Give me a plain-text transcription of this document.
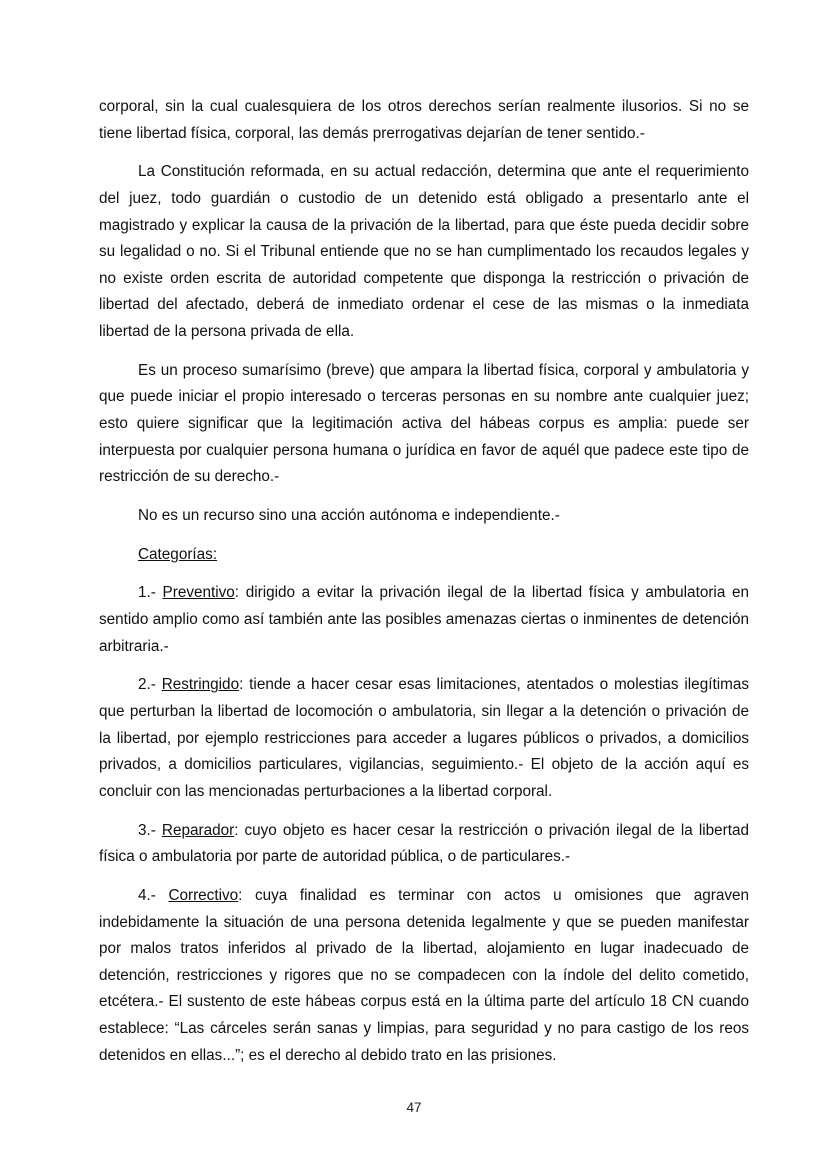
corporal, sin la cual cualesquiera de los otros derechos serían realmente ilusorios. Si no se tiene libertad física, corporal, las demás prerrogativas dejarían de tener sentido.-

La Constitución reformada, en su actual redacción, determina que ante el requerimiento del juez, todo guardián o custodio de un detenido está obligado a presentarlo ante el magistrado y explicar la causa de la privación de la libertad, para que éste pueda decidir sobre su legalidad o no. Si el Tribunal entiende que no se han cumplimentado los recaudos legales y no existe orden escrita de autoridad competente que disponga la restricción o privación de libertad del afectado, deberá de inmediato ordenar el cese de las mismas o la inmediata libertad de la persona privada de ella.

Es un proceso sumarísimo (breve) que ampara la libertad física, corporal y ambulatoria y que puede iniciar el propio interesado o terceras personas en su nombre ante cualquier juez; esto quiere significar que la legitimación activa del hábeas corpus es amplia: puede ser interpuesta por cualquier persona humana o jurídica en favor de aquél que padece este tipo de restricción de su derecho.-

No es un recurso sino una acción autónoma e independiente.-

Categorías:

1.- Preventivo: dirigido a evitar la privación ilegal de la libertad física y ambulatoria en sentido amplio como así también ante las posibles amenazas ciertas o inminentes de detención arbitraria.-

2.- Restringido: tiende a hacer cesar esas limitaciones, atentados o molestias ilegítimas que perturban la libertad de locomoción o ambulatoria, sin llegar a la detención o privación de la libertad, por ejemplo restricciones para acceder a lugares públicos o privados, a domicilios privados, a domicilios particulares, vigilancias, seguimiento.- El objeto de la acción aquí es concluir con las mencionadas perturbaciones a la libertad corporal.

3.- Reparador: cuyo objeto es hacer cesar la restricción o privación ilegal de la libertad física o ambulatoria por parte de autoridad pública, o de particulares.-

4.- Correctivo: cuya finalidad es terminar con actos u omisiones que agraven indebidamente la situación de una persona detenida legalmente y que se pueden manifestar por malos tratos inferidos al privado de la libertad, alojamiento en lugar inadecuado de detención, restricciones y rigores que no se compadecen con la índole del delito cometido, etcétera.- El sustento de este hábeas corpus está en la última parte del artículo 18 CN cuando establece: “Las cárceles serán sanas y limpias, para seguridad y no para castigo de los reos detenidos en ellas...”; es el derecho al debido trato en las prisiones.

47
